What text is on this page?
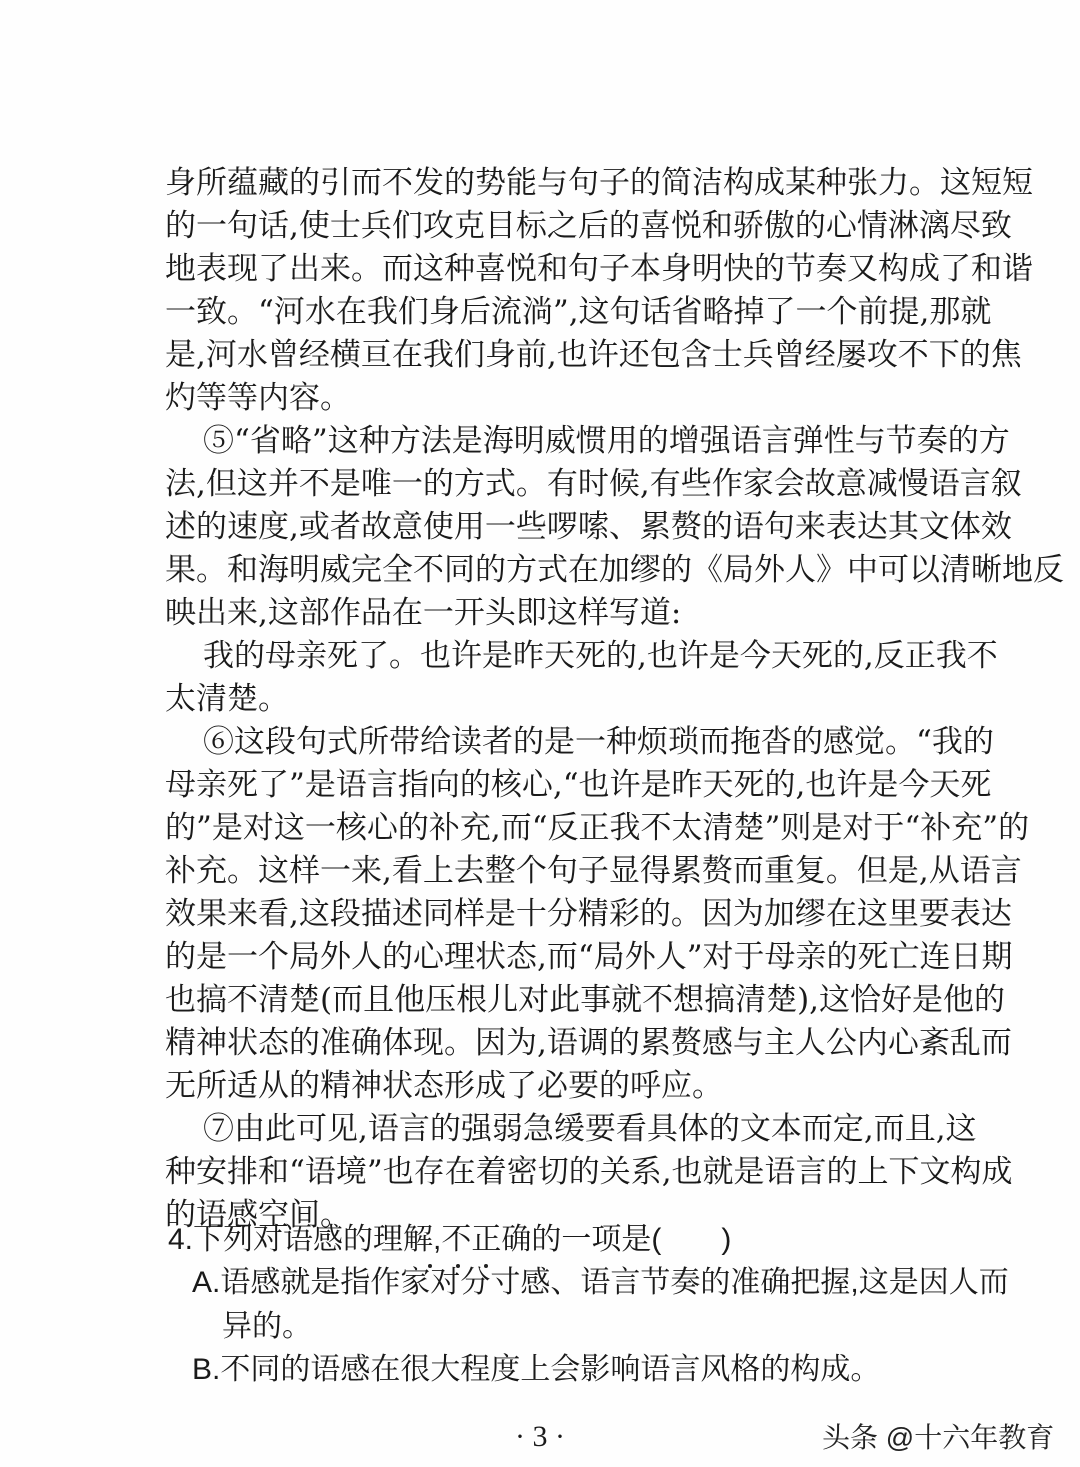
身所蕴藏的引而不发的势能与句子的简洁构成某种张力。这短短
的一句话,使士兵们攻克目标之后的喜悦和骄傲的心情淋漓尽致
地表现了出来。而这种喜悦和句子本身明快的节奏又构成了和谐
一致。“河水在我们身后流淌”,这句话省略掉了一个前提,那就
是,河水曾经横亘在我们身前,也许还包含士兵曾经屡攻不下的焦
灼等等内容。
⑤“省略”这种方法是海明威惯用的增强语言弹性与节奏的方
法,但这并不是唯一的方式。有时候,有些作家会故意减慢语言叙
述的速度,或者故意使用一些啰嗦、累赘的语句来表达其文体效
果。和海明威完全不同的方式在加缪的《局外人》中可以清晰地反
映出来,这部作品在一开头即这样写道:
我的母亲死了。也许是昨天死的,也许是今天死的,反正我不
太清楚。
⑥这段句式所带给读者的是一种烦琐而拖沓的感觉。“我的
母亲死了”是语言指向的核心,“也许是昨天死的,也许是今天死
的”是对这一核心的补充,而“反正我不太清楚”则是对于“补充”的
补充。这样一来,看上去整个句子显得累赘而重复。但是,从语言
效果来看,这段描述同样是十分精彩的。因为加缪在这里要表达
的是一个局外人的心理状态,而“局外人”对于母亲的死亡连日期
也搞不清楚(而且他压根儿对此事就不想搞清楚),这恰好是他的
精神状态的准确体现。因为,语调的累赘感与主人公内心紊乱而
无所适从的精神状态形成了必要的呼应。
⑦由此可见,语言的强弱急缓要看具体的文本而定,而且,这
种安排和“语境”也存在着密切的关系,也就是语言的上下文构成
的语感空间。
4.下列对语感的理解,不正确的一项是(　　)
A.语感就是指作家对分寸感、语言节奏的准确把握,这是因人而
异的。
B.不同的语感在很大程度上会影响语言风格的构成。
· 3 ·	头条 @十六年教育
